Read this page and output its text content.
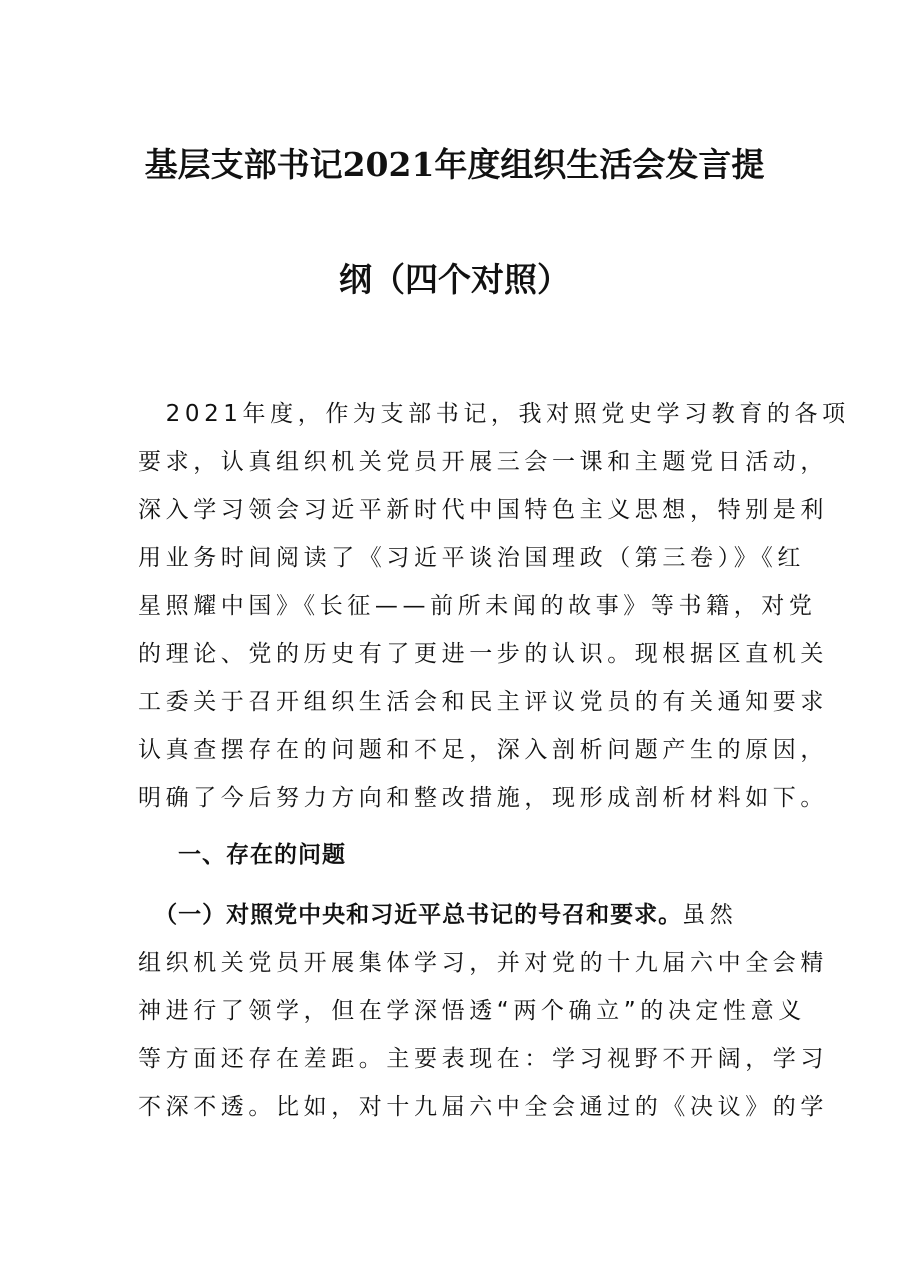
基层支部书记2021年度组织生活会发言提
纲（四个对照）
　2021年度，作为支部书记，我对照党史学习教育的各项
要求，认真组织机关党员开展三会一课和主题党日活动，
深入学习领会习近平新时代中国特色主义思想，特别是利
用业务时间阅读了《习近平谈治国理政（第三卷）》《红
星照耀中国》《长征——前所未闻的故事》等书籍，对党
的理论、党的历史有了更进一步的认识。现根据区直机关
工委关于召开组织生活会和民主评议党员的有关通知要求
认真查摆存在的问题和不足，深入剖析问题产生的原因，
明确了今后努力方向和整改措施，现形成剖析材料如下。
一、存在的问题
　（一）对照党中央和习近平总书记的号召和要求。虽然
组织机关党员开展集体学习，并对党的十九届六中全会精
神进行了领学，但在学深悟透“两个确立”的决定性意义
等方面还存在差距。主要表现在：学习视野不开阔，学习
不深不透。比如，对十九届六中全会通过的《决议》的学
